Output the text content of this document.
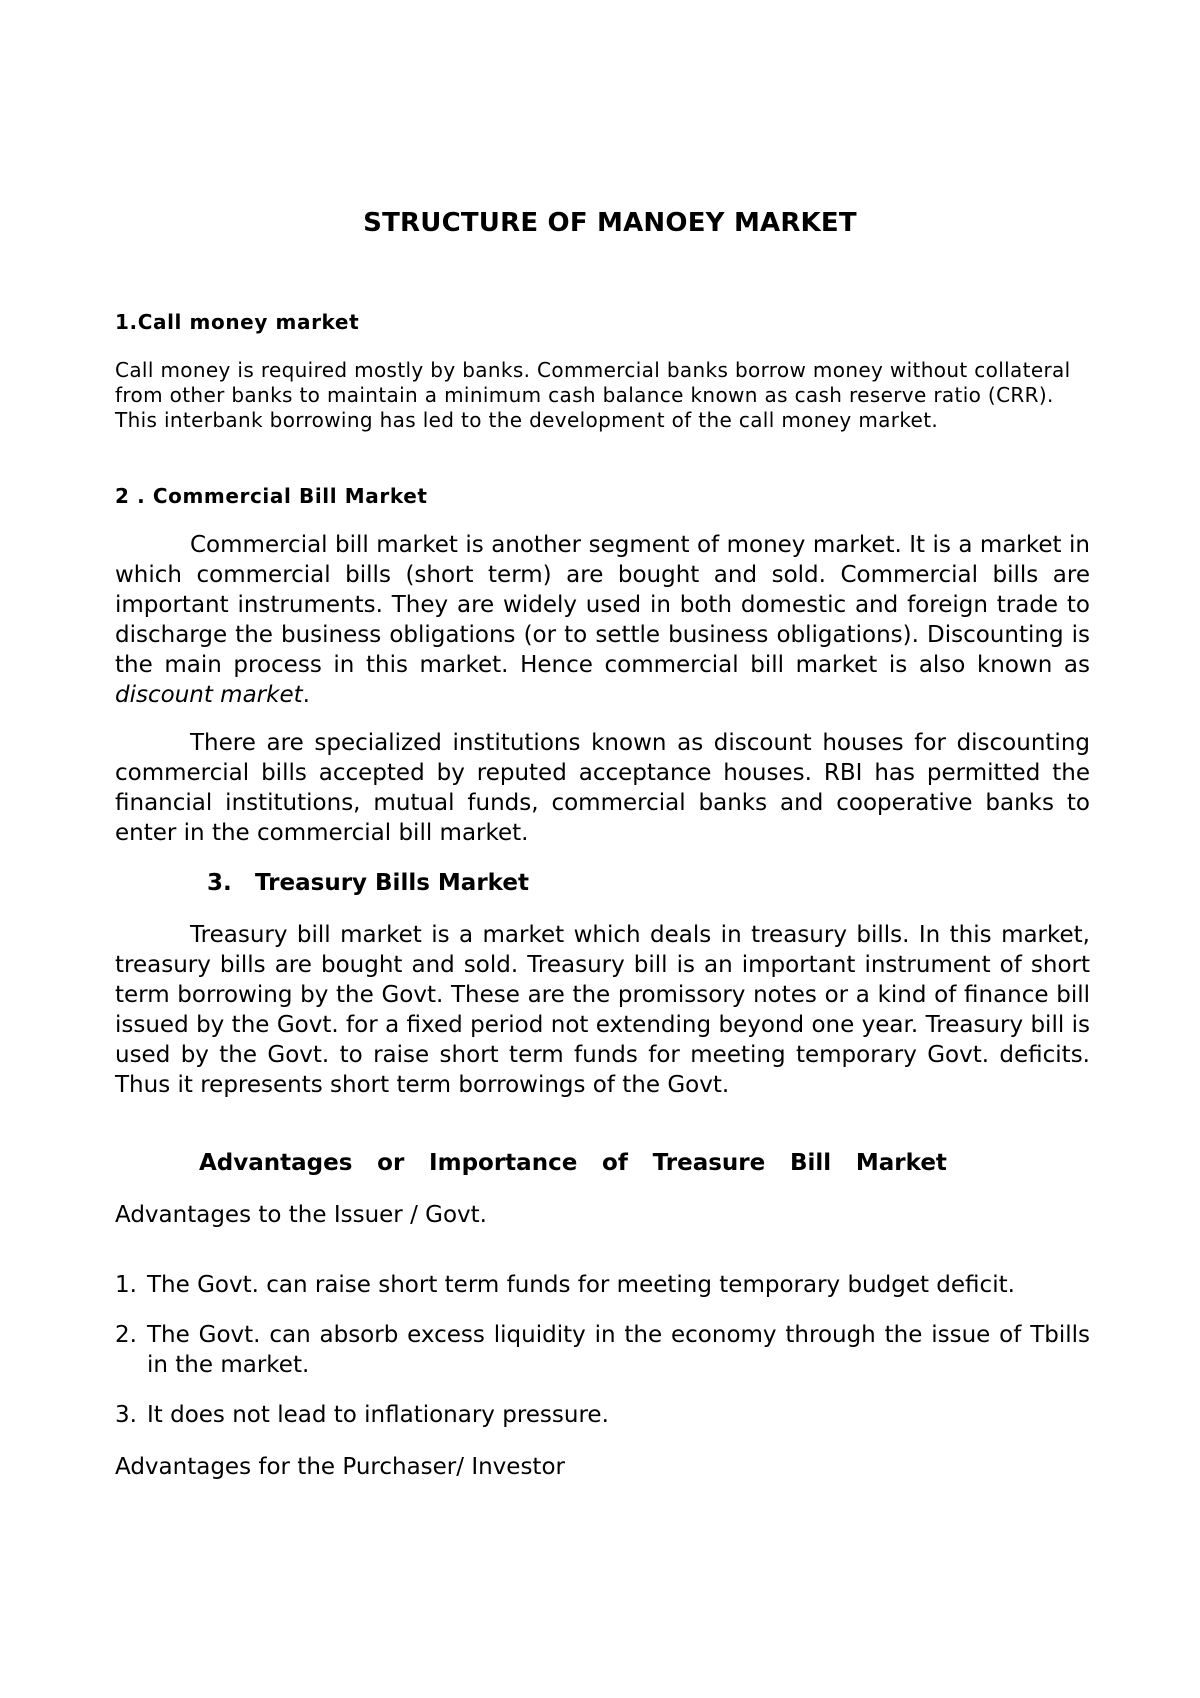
STRUCTURE OF MANOEY MARKET
1.Call money market

Call money is required mostly by banks. Commercial banks borrow money without collateral from other banks to maintain a minimum cash balance known as cash reserve ratio (CRR). This interbank borrowing has led to the development of the call money market.

2 . Commercial Bill Market

Commercial bill market is another segment of money market. It is a market in which commercial bills (short term) are bought and sold. Commercial bills are important instruments. They are widely used in both domestic and foreign trade to discharge the business obligations (or to settle business obligations). Discounting is the main process in this market. Hence commercial bill market is also known as discount market.

There are specialized institutions known as discount houses for discounting commercial bills accepted by reputed acceptance houses. RBI has permitted the financial institutions, mutual funds, commercial banks and cooperative banks to enter in the commercial bill market.

3. Treasury Bills Market

Treasury bill market is a market which deals in treasury bills. In this market, treasury bills are bought and sold. Treasury bill is an important instrument of short term borrowing by the Govt. These are the promissory notes or a kind of finance bill issued by the Govt. for a fixed period not extending beyond one year. Treasury bill is used by the Govt. to raise short term funds for meeting temporary Govt. deficits. Thus it represents short term borrowings of the Govt.

Advantages or Importance of Treasure Bill Market

Advantages to the Issuer / Govt.

1. The Govt. can raise short term funds for meeting temporary budget deficit.
2. The Govt. can absorb excess liquidity in the economy through the issue of Tbills in the market.
3. It does not lead to inflationary pressure.

Advantages for the Purchaser/ Investor
